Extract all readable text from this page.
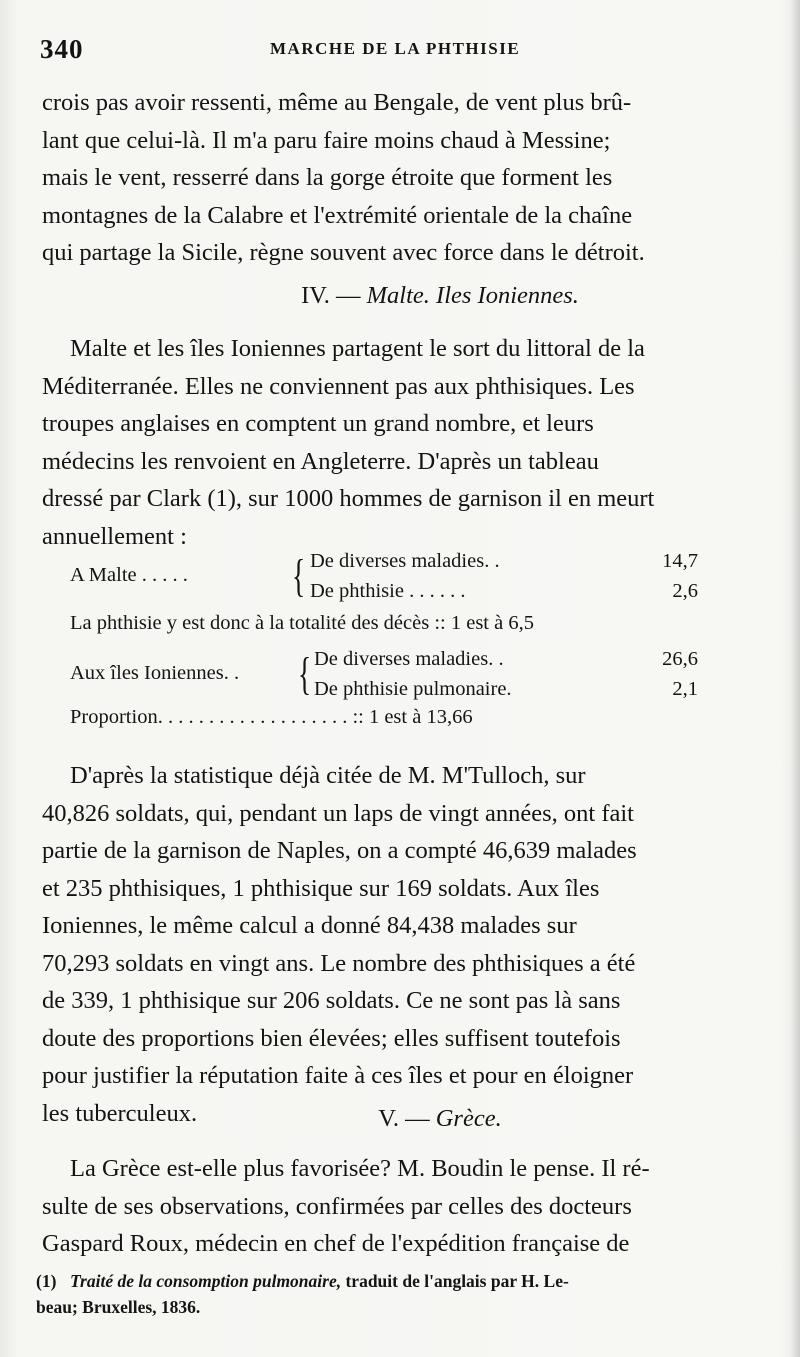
340	MARCHE DE LA PHTHISIE

crois pas avoir ressenti, même au Bengale, de vent plus brû-

lant que celui-là. Il m'a paru faire moins chaud à Messine;

mais le vent, resserré dans la gorge étroite que forment les

montagnes de la Calabre et l'extrémité orientale de la chaîne

qui partage la Sicile, règne souvent avec force dans le détroit.

IV. — Malte. Iles Ioniennes.

Malte et les îles Ioniennes partagent le sort du littoral de la

Méditerranée. Elles ne conviennent pas aux phthisiques. Les

troupes anglaises en comptent un grand nombre, et leurs

médecins les renvoient en Angleterre. D'après un tableau

dressé par Clark (1), sur 1000 hommes de garnison il en meurt

annuellement :

A Malte . . . . . { De diverses maladies. .	14,7
De phthisie . . . . . .	2,6
La phthisie y est donc à la totalité des décès :: 1 est à 6,5
Aux îles Ioniennes. . { De diverses maladies. .	26,6
De phthisie pulmonaire.	2,1
Proportion. . . . . . . . . . . . . . . . . . . :: 1 est à 13,66

D'après la statistique déjà citée de M. M'Tulloch, sur

40,826 soldats, qui, pendant un laps de vingt années, ont fait

partie de la garnison de Naples, on a compté 46,639 malades

et 235 phthisiques, 1 phthisique sur 169 soldats. Aux îles

Ioniennes, le même calcul a donné 84,438 malades sur

70,293 soldats en vingt ans. Le nombre des phthisiques a été

de 339, 1 phthisique sur 206 soldats. Ce ne sont pas là sans

doute des proportions bien élevées; elles suffisent toutefois

pour justifier la réputation faite à ces îles et pour en éloigner

les tuberculeux.	V. — Grèce.

La Grèce est-elle plus favorisée? M. Boudin le pense. Il ré-

sulte de ses observations, confirmées par celles des docteurs

Gaspard Roux, médecin en chef de l'expédition française de

(1) Traité de la consomption pulmonaire, traduit de l'anglais par H. Le-
beau; Bruxelles, 1836.
